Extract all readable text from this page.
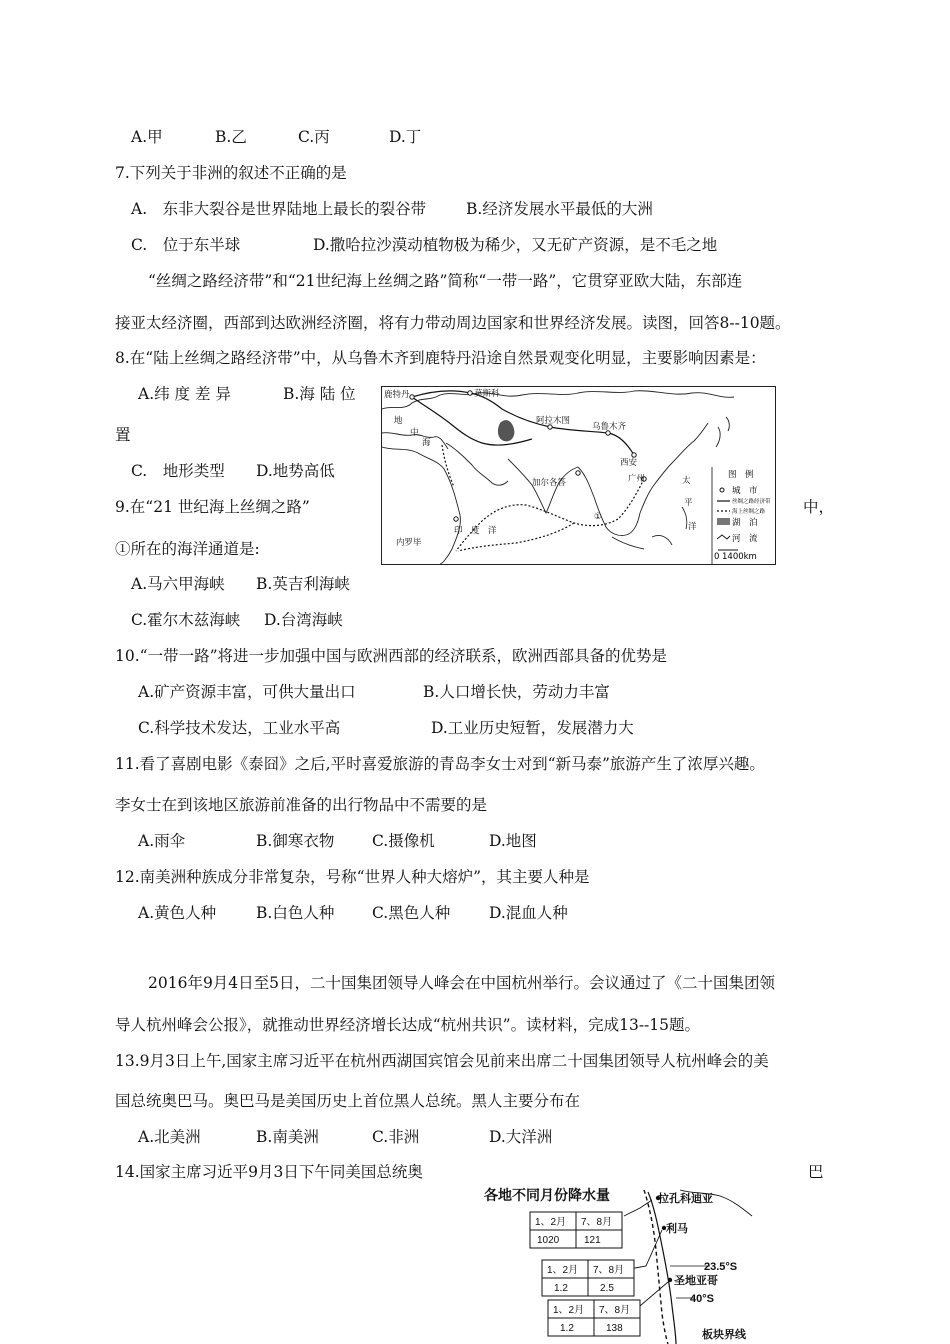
A.甲	B.乙	C.丙	D.丁
7.下列关于非洲的叙述不正确的是
A.　东非大裂谷是世界陆地上最长的裂谷带	B.经济发展水平最低的大洲
C.　位于东半球	D.撒哈拉沙漠动植物极为稀少，又无矿产资源，是不毛之地
“丝绸之路经济带”和“21世纪海上丝绸之路”简称“一带一路”，它贯穿亚欧大陆，东部连
接亚太经济圈，西部到达欧洲经济圈，将有力带动周边国家和世界经济发展。读图，回答8--10题。
8.在“陆上丝绸之路经济带”中，从乌鲁木齐到鹿特丹沿途自然景观变化明显，主要影响因素是：
A.纬 度 差 异	B.海 陆 位
置
C.　地形类型 D.地势高低
9.在“21 世纪海上丝绸之路”	中，
①所在的海洋通道是:
A.马六甲海峡 B.英吉利海峡
C.霍尔木兹海峡 D.台湾海峡
10.“一带一路”将进一步加强中国与欧洲西部的经济联系，欧洲西部具备的优势是
A.矿产资源丰富，可供大量出口	B.人口增长快，劳动力丰富
C.科学技术发达，工业水平高	D.工业历史短暂，发展潜力大
11.看了喜剧电影《泰囧》之后,平时喜爱旅游的青岛李女士对到“新马泰”旅游产生了浓厚兴趣。
李女士在到该地区旅游前准备的出行物品中不需要的是
A.雨伞	B.御寒衣物 C.摄像机	D.地图
12.南美洲种族成分非常复杂，号称“世界人种大熔炉”，其主要人种是
A.黄色人种	B.白色人种 C.黑色人种	D.混血人种
2016年9月4日至5日，二十国集团领导人峰会在中国杭州举行。会议通过了《二十国集团领
导人杭州峰会公报》，就推动世界经济增长达成“杭州共识”。读材料，完成13--15题。
13.9月3日上午,国家主席习近平在杭州西湖国宾馆会见前来出席二十国集团领导人杭州峰会的美
国总统奥巴马。奥巴马是美国历史上首位黑人总统。黑人主要分布在
A.北美洲	B.南美洲	C.非洲	D.大洋洲
14.国家主席习近平9月3日下午同美国总统奥	巴
鹿特丹	莫斯科
阿拉木图
乌鲁木齐
西安
加尔各答	广州
内罗毕
印　度　洋
太
平
洋
地
中
海
①
图　例
城　市
丝绸之路经济带
海上丝绸之路
湖　泊
河　流
0 1400km
各地不同月份降水量	拉孔科迪亚
利马
圣地亚哥
23.5°S
40°S
板块界线
1、2月 7、8月
1020 121
1、2月 7、8月
1.2	2.5
1、2月 7、8月
1.2	138
